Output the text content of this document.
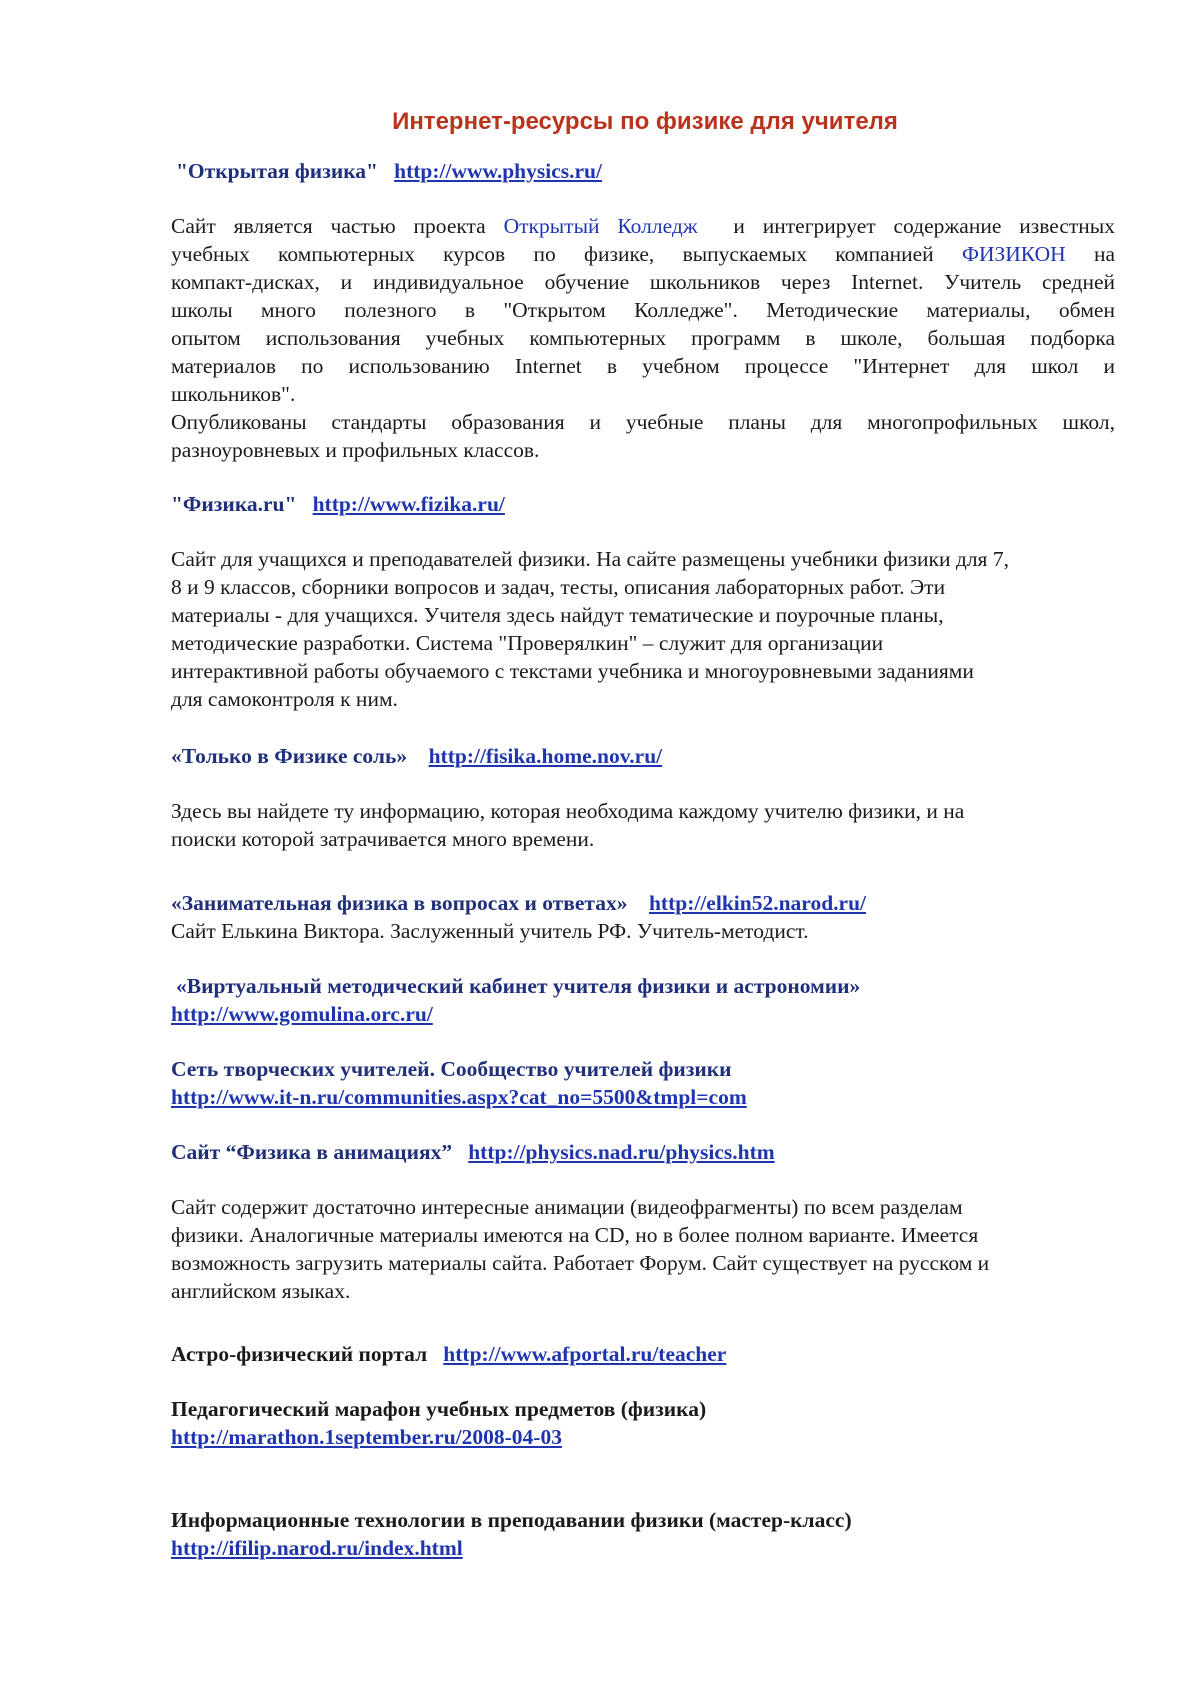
Интернет-ресурсы по физике для учителя
"Открытая физика" http://www.physics.ru/
Сайт является частью проекта Открытый Колледж и интегрирует содержание известных
учебных компьютерных курсов по физике, выпускаемых компанией ФИЗИКОН на
компакт-дисках, и индивидуальное обучение школьников через Internet. Учитель средней
школы много полезного в "Открытом Колледже". Методические материалы, обмен
опытом использования учебных компьютерных программ в школе, большая подборка
материалов по использованию Internet в учебном процессе "Интернет для школ и
школьников".
Опубликованы стандарты образования и учебные планы для многопрофильных школ,
разноуровневых и профильных классов.
"Физика.ru" http://www.fizika.ru/
Сайт для учащихся и преподавателей физики. На сайте размещены учебники физики для 7,
8 и 9 классов, сборники вопросов и задач, тесты, описания лабораторных работ. Эти
материалы - для учащихся. Учителя здесь найдут тематические и поурочные планы,
методические разработки. Система "Проверялкин" – служит для организации
интерактивной работы обучаемого с текстами учебника и многоуровневыми заданиями
для самоконтроля к ним.
«Только в Физике соль» http://fisika.home.nov.ru/
Здесь вы найдете ту информацию, которая необходима каждому учителю физики, и на
поиски которой затрачивается много времени.
«Занимательная физика в вопросах и ответах» http://elkin52.narod.ru/
Сайт Елькина Виктора. Заслуженный учитель РФ. Учитель-методист.
«Виртуальный методический кабинет учителя физики и астрономии»
http://www.gomulina.orc.ru/
Сеть творческих учителей. Сообщество учителей физики
http://www.it-n.ru/communities.aspx?cat_no=5500&tmpl=com
Сайт “Физика в анимациях” http://physics.nad.ru/physics.htm
Сайт содержит достаточно интересные анимации (видеофрагменты) по всем разделам
физики. Аналогичные материалы имеются на CD, но в более полном варианте. Имеется
возможность загрузить материалы сайта. Работает Форум. Сайт существует на русском и
английском языках.
Астро-физический портал http://www.afportal.ru/teacher
Педагогический марафон учебных предметов (физика)
http://marathon.1september.ru/2008-04-03
Информационные технологии в преподавании физики (мастер-класс)
http://ifilip.narod.ru/index.html
